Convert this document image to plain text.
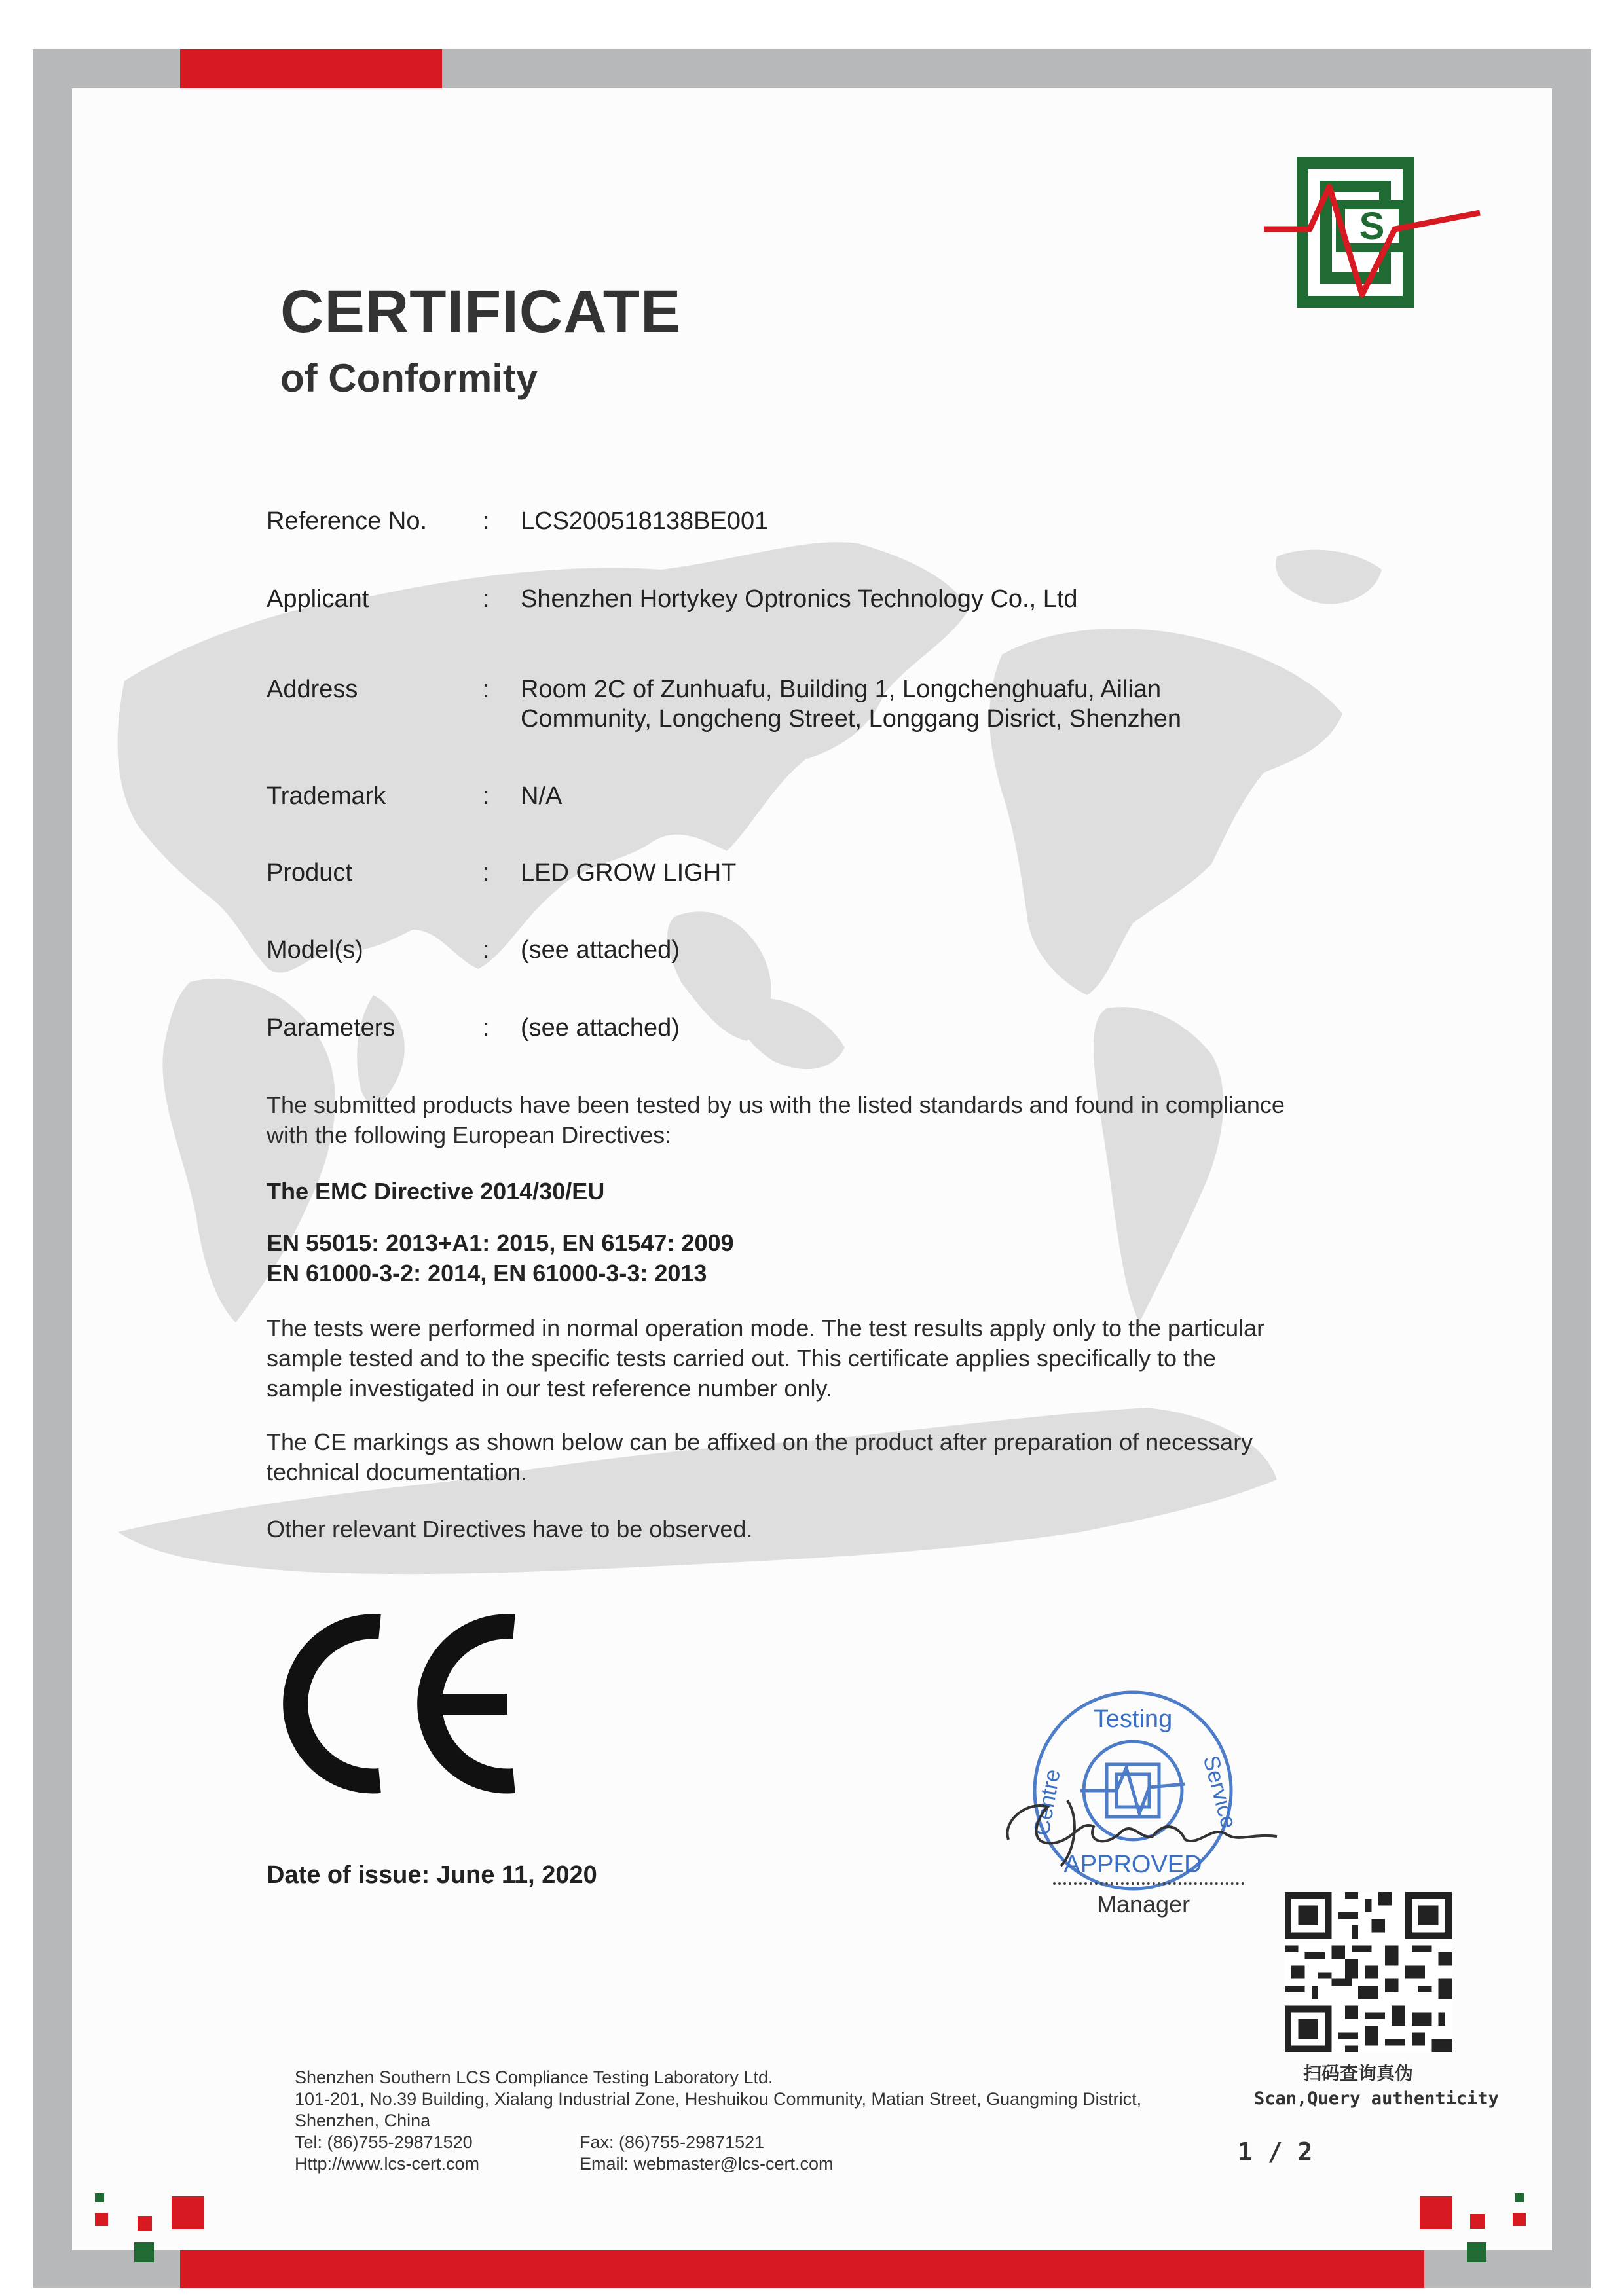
S
CERTIFICATE
of Conformity
Reference No.	: LCS200518138BE001
Applicant	: Shenzhen Hortykey Optronics Technology Co., Ltd
Address	: Room 2C of Zunhuafu, Building 1, Longchenghuafu, Ailian
Community, Longcheng Street, Longgang Disrict, Shenzhen
Trademark	: N/A
Product	: LED GROW LIGHT
Model(s)	: (see attached)
Parameters	: (see attached)
The submitted products have been tested by us with the listed standards and found in compliance
with the following European Directives:
The EMC Directive 2014/30/EU
EN 55015: 2013+A1: 2015, EN 61547: 2009
EN 61000-3-2: 2014, EN 61000-3-3: 2013
The tests were performed in normal operation mode. The test results apply only to the particular
sample tested and to the specific tests carried out. This certificate applies specifically to the
sample investigated in our test reference number only.
The CE markings as shown below can be affixed on the product after preparation of necessary
technical documentation.
Other relevant Directives have to be observed.
Date of issue: June 11, 2020
Testing
Centre	Service
APPROVED
Manager
扫码查询真伪
Scan,Query authenticity
Shenzhen Southern LCS Compliance Testing Laboratory Ltd.
101-201, No.39 Building, Xialang Industrial Zone, Heshuikou Community, Matian Street, Guangming District,
Shenzhen, China
Tel: (86)755-29871520	Fax: (86)755-29871521
Http://www.lcs-cert.com	Email: webmaster@lcs-cert.com	1 / 2
